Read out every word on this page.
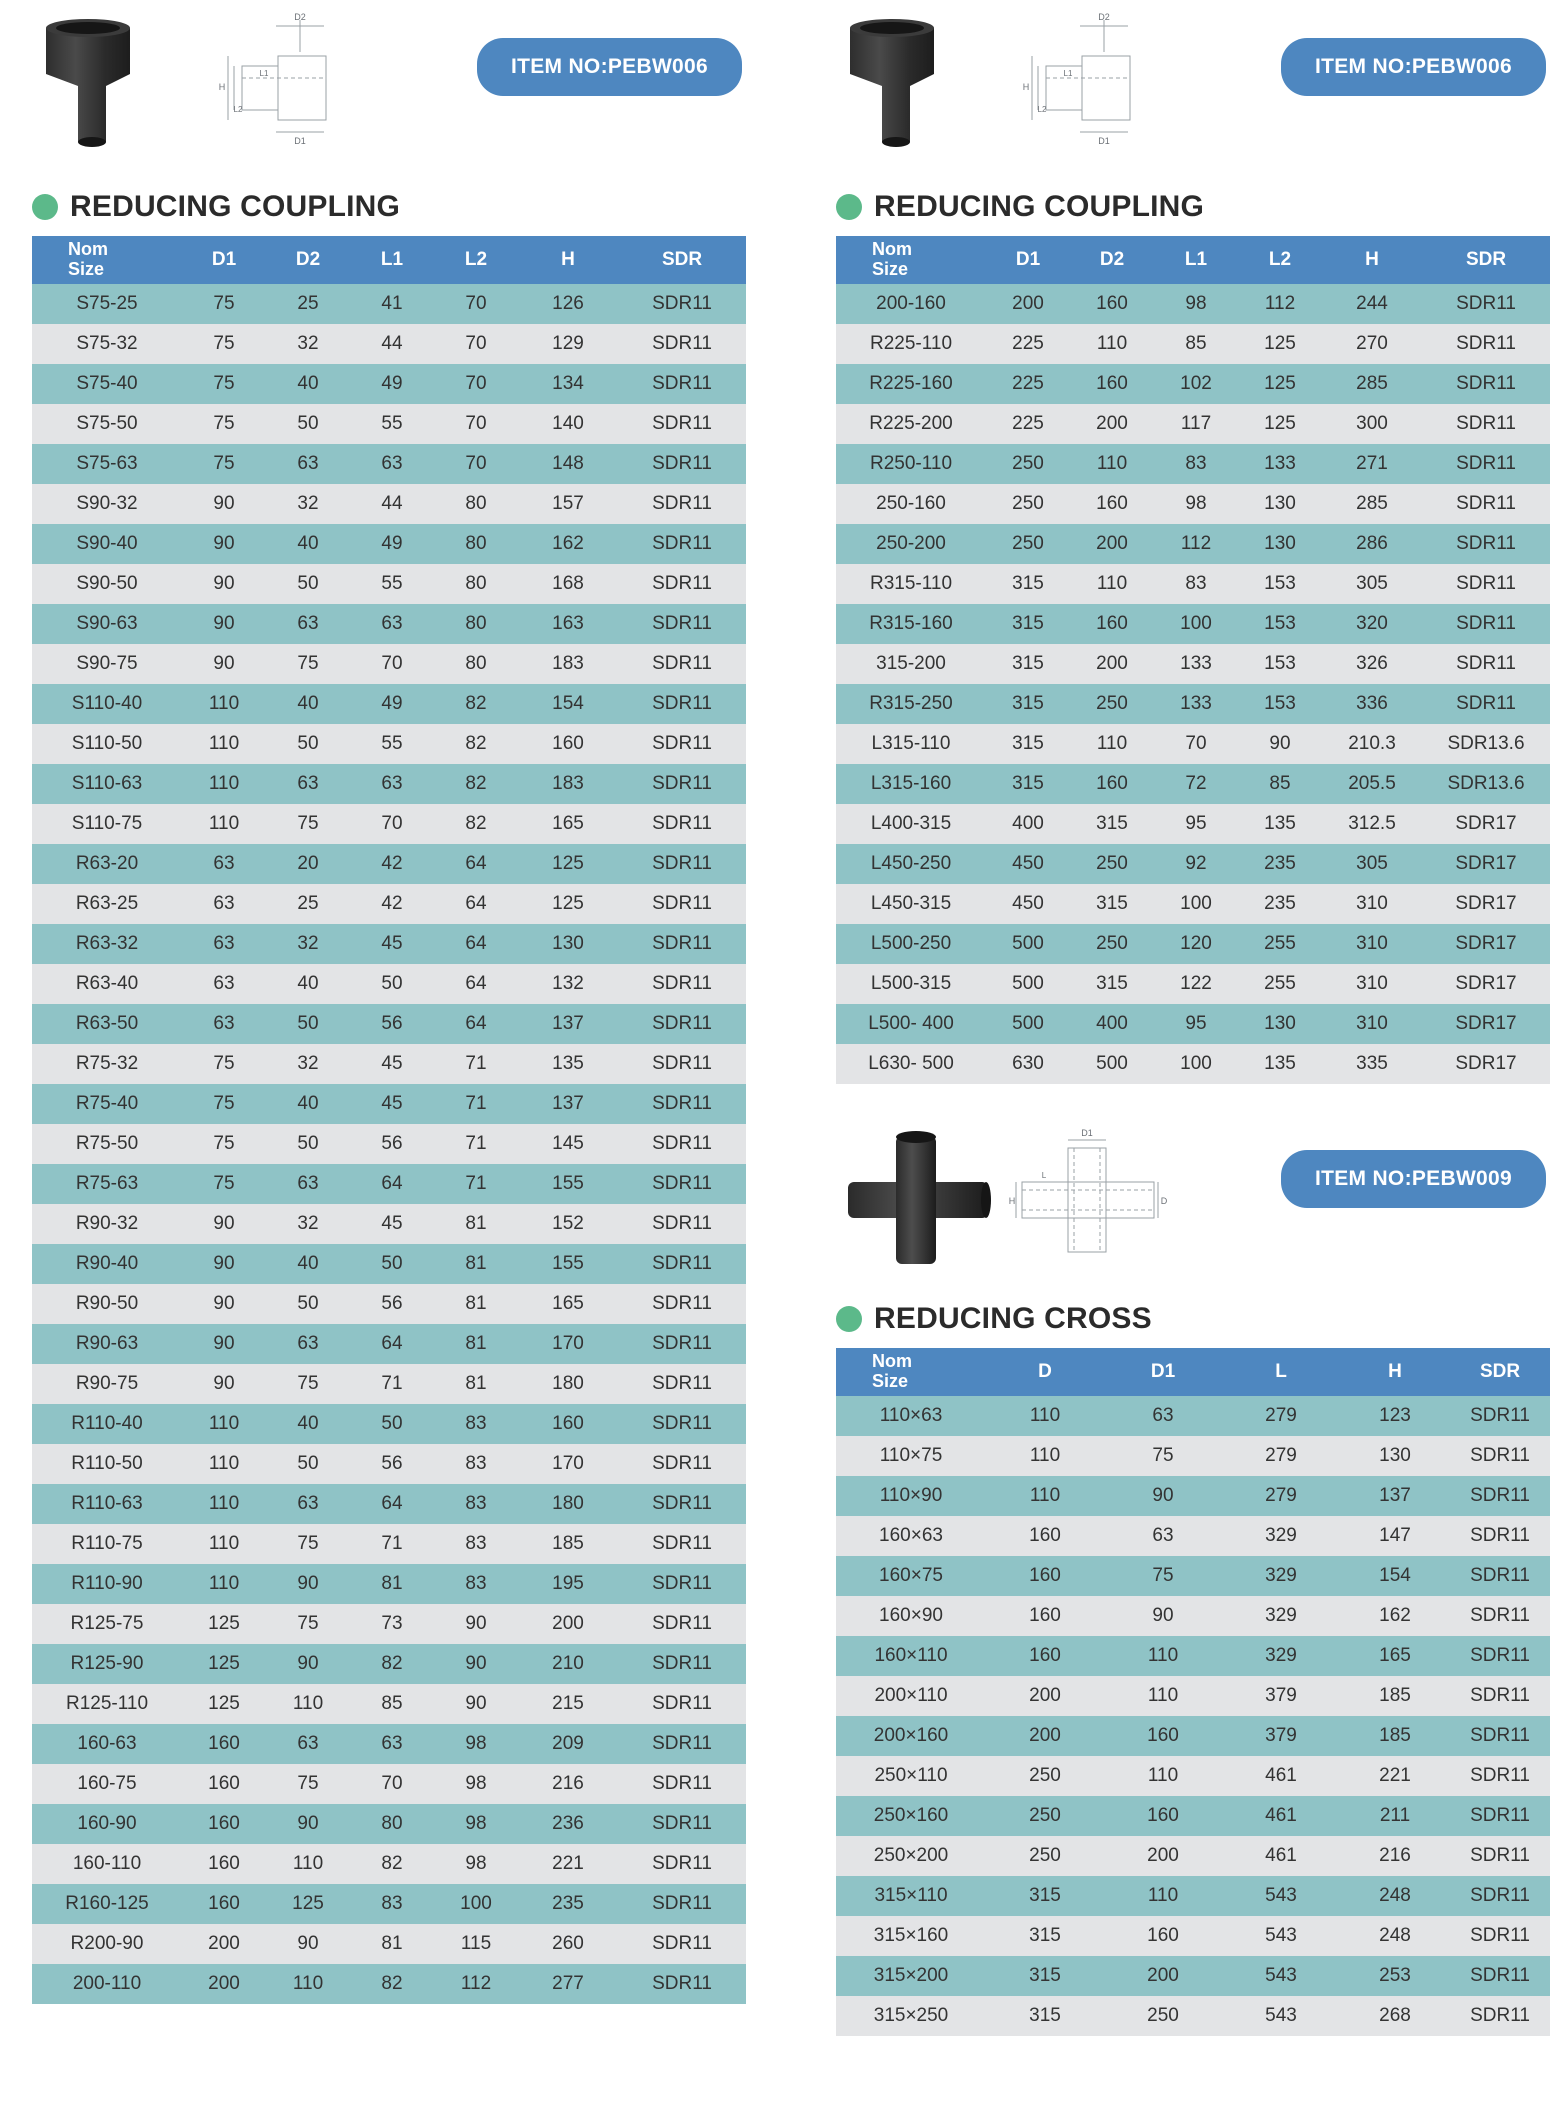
D2
H
L1
L2
D1
ITEM NO:PEBW006
REDUCING COUPLING
Nom
Size	D1	D2	L1	L2	H	SDR
S75-25	75	25	41	70	126	SDR11
S75-32	75	32	44	70	129	SDR11
S75-40	75	40	49	70	134	SDR11
S75-50	75	50	55	70	140	SDR11
S75-63	75	63	63	70	148	SDR11
S90-32	90	32	44	80	157	SDR11
S90-40	90	40	49	80	162	SDR11
S90-50	90	50	55	80	168	SDR11
S90-63	90	63	63	80	163	SDR11
S90-75	90	75	70	80	183	SDR11
S110-40	110	40	49	82	154	SDR11
S110-50	110	50	55	82	160	SDR11
S110-63	110	63	63	82	183	SDR11
S110-75	110	75	70	82	165	SDR11
R63-20	63	20	42	64	125	SDR11
R63-25	63	25	42	64	125	SDR11
R63-32	63	32	45	64	130	SDR11
R63-40	63	40	50	64	132	SDR11
R63-50	63	50	56	64	137	SDR11
R75-32	75	32	45	71	135	SDR11
R75-40	75	40	45	71	137	SDR11
R75-50	75	50	56	71	145	SDR11
R75-63	75	63	64	71	155	SDR11
R90-32	90	32	45	81	152	SDR11
R90-40	90	40	50	81	155	SDR11
R90-50	90	50	56	81	165	SDR11
R90-63	90	63	64	81	170	SDR11
R90-75	90	75	71	81	180	SDR11
R110-40	110	40	50	83	160	SDR11
R110-50	110	50	56	83	170	SDR11
R110-63	110	63	64	83	180	SDR11
R110-75	110	75	71	83	185	SDR11
R110-90	110	90	81	83	195	SDR11
R125-75	125	75	73	90	200	SDR11
R125-90	125	90	82	90	210	SDR11
R125-110	125	110	85	90	215	SDR11
160-63	160	63	63	98	209	SDR11
160-75	160	75	70	98	216	SDR11
160-90	160	90	80	98	236	SDR11
160-110	160	110	82	98	221	SDR11
R160-125	160	125	83	100	235	SDR11
R200-90	200	90	81	115	260	SDR11
200-110	200	110	82	112	277	SDR11
D2
H
L1
L2
D1
ITEM NO:PEBW006
REDUCING COUPLING
Nom
Size	D1	D2	L1	L2	H	SDR
200-160	200	160	98	112	244	SDR11
R225-110	225	110	85	125	270	SDR11
R225-160	225	160	102	125	285	SDR11
R225-200	225	200	117	125	300	SDR11
R250-110	250	110	83	133	271	SDR11
250-160	250	160	98	130	285	SDR11
250-200	250	200	112	130	286	SDR11
R315-110	315	110	83	153	305	SDR11
R315-160	315	160	100	153	320	SDR11
315-200	315	200	133	153	326	SDR11
R315-250	315	250	133	153	336	SDR11
L315-110	315	110	70	90	210.3	SDR13.6
L315-160	315	160	72	85	205.5	SDR13.6
L400-315	400	315	95	135	312.5	SDR17
L450-250	450	250	92	235	305	SDR17
L450-315	450	315	100	235	310	SDR17
L500-250	500	250	120	255	310	SDR17
L500-315	500	315	122	255	310	SDR17
L500- 400	500	400	95	130	310	SDR17
L630- 500	630	500	100	135	335	SDR17
D1
H
L
D
ITEM NO:PEBW009
REDUCING CROSS
Nom
Size	D	D1	L	H	SDR
110×63	110	63	279	123	SDR11
110×75	110	75	279	130	SDR11
110×90	110	90	279	137	SDR11
160×63	160	63	329	147	SDR11
160×75	160	75	329	154	SDR11
160×90	160	90	329	162	SDR11
160×110	160	110	329	165	SDR11
200×110	200	110	379	185	SDR11
200×160	200	160	379	185	SDR11
250×110	250	110	461	221	SDR11
250×160	250	160	461	211	SDR11
250×200	250	200	461	216	SDR11
315×110	315	110	543	248	SDR11
315×160	315	160	543	248	SDR11
315×200	315	200	543	253	SDR11
315×250	315	250	543	268	SDR11
